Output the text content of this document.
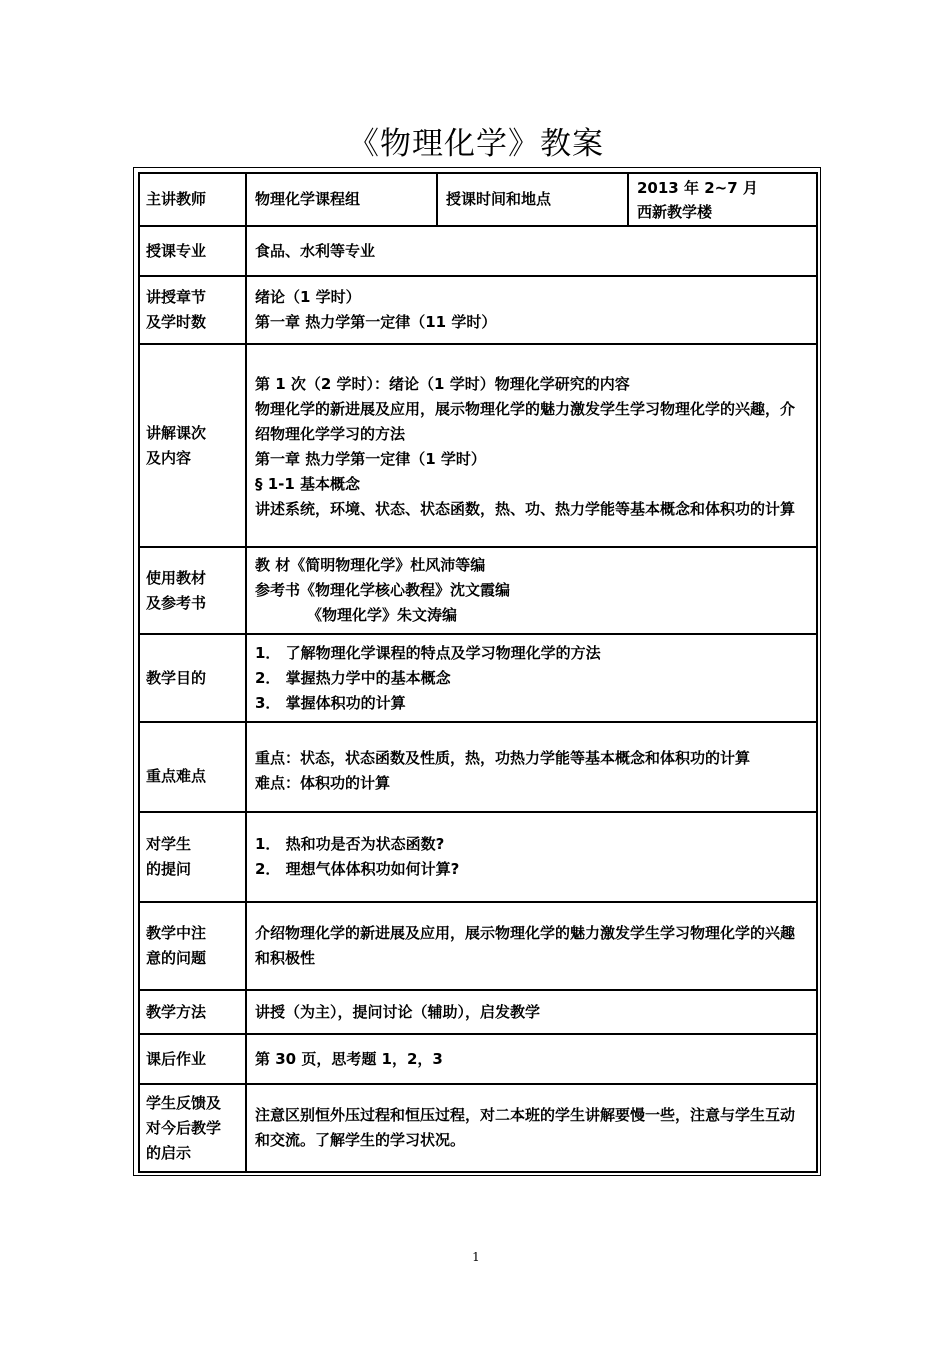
《物理化学》教案
主讲教师	物理化学课程组	授课时间和地点	2013 年 2~7 月
西新教学楼

授课专业	食品、水利等专业		

讲授章节
及学时数	绪论（1 学时）
第一章 热力学第一定律（11 学时）		

讲解课次
及内容	第 1 次（2 学时）：绪论（1 学时）物理化学研究的内容
物理化学的新进展及应用，展示物理化学的魅力激发学生学习物理化学的兴趣，介绍物理化学学习的方法
第一章 热力学第一定律（1 学时）
§ 1-1 基本概念
讲述系统，环境、状态、状态函数，热、功、热力学能等基本概念和体积功的计算		

使用教材
及参考书	教 材《简明物理化学》杜风沛等编
参考书《物理化学核心教程》沈文霞编
《物理化学》朱文涛编		

教学目的	1． 了解物理化学课程的特点及学习物理化学的方法
2． 掌握热力学中的基本概念
3． 掌握体积功的计算		

重点难点	重点：状态，状态函数及性质，热，功热力学能等基本概念和体积功的计算
难点：体积功的计算		

对学生
的提问	1． 热和功是否为状态函数?
2． 理想气体体积功如何计算?		

教学中注
意的问题	介绍物理化学的新进展及应用，展示物理化学的魅力激发学生学习物理化学的兴趣和积极性		

教学方法	讲授（为主），提问讨论（辅助），启发教学		
课后作业	第 30 页，思考题 1，2，3		

学生反馈及
对今后教学
的启示	注意区别恒外压过程和恒压过程，对二本班的学生讲解要慢一些，注意与学生互动和交流。了解学生的学习状况。		
1
